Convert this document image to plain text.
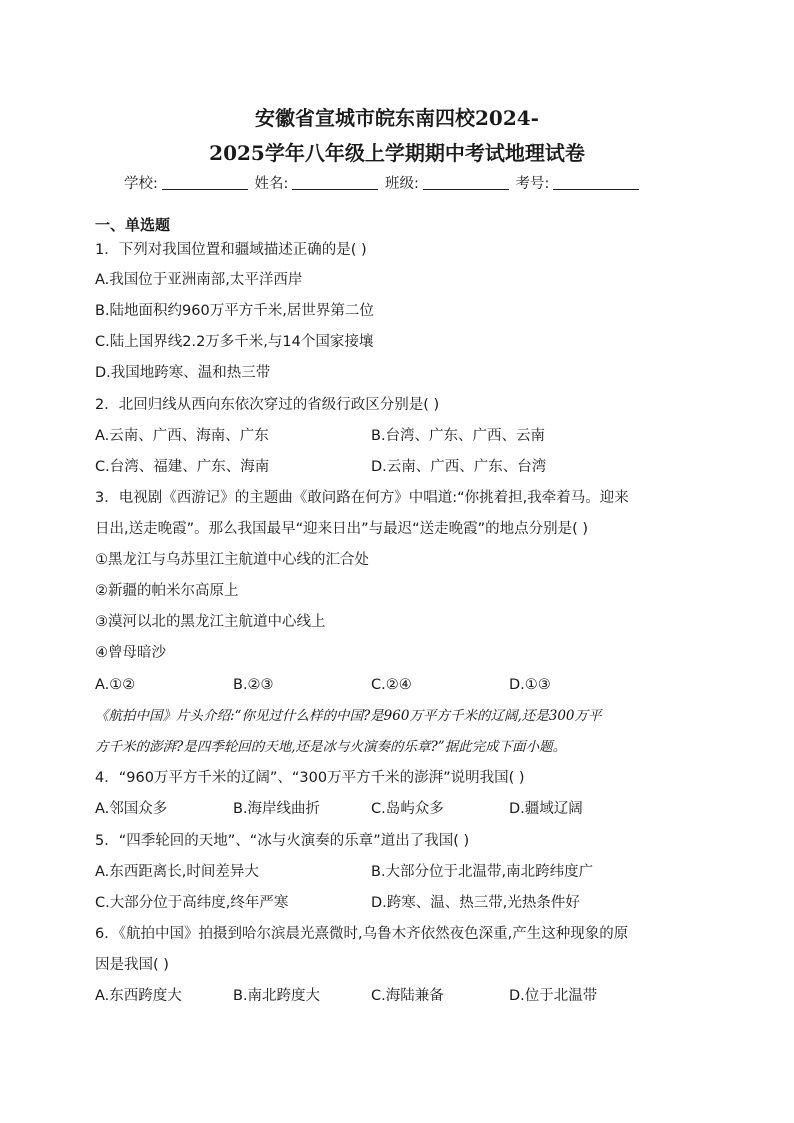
安徽省宣城市皖东南四校2024-
2025学年八年级上学期期中考试地理试卷
学校:	姓名:	班级:	考号:
一、单选题
1．下列对我国位置和疆域描述正确的是( )
A.我国位于亚洲南部,太平洋西岸
B.陆地面积约960万平方千米,居世界第二位
C.陆上国界线2.2万多千米,与14个国家接壤
D.我国地跨寒、温和热三带
2．北回归线从西向东依次穿过的省级行政区分别是( )
A.云南、广西、海南、广东	B.台湾、广东、广西、云南
C.台湾、福建、广东、海南	D.云南、广西、广东、台湾
3．电视剧《西游记》的主题曲《敢问路在何方》中唱道:“你挑着担,我牵着马。迎来
日出,送走晚霞”。那么我国最早“迎来日出”与最迟“送走晚霞”的地点分别是( )
①黑龙江与乌苏里江主航道中心线的汇合处
②新疆的帕米尔高原上
③漠河以北的黑龙江主航道中心线上
④曾母暗沙
A.①②	B.②③	C.②④	D.①③
《航拍中国》片头介绍:“你见过什么样的中国?是960万平方千米的辽阔,还是300万平
方千米的澎湃?是四季轮回的天地,还是冰与火演奏的乐章?”据此完成下面小题。
4．“960万平方千米的辽阔”、“300万平方千米的澎湃”说明我国( )
A.邻国众多	B.海岸线曲折	C.岛屿众多	D.疆域辽阔
5．“四季轮回的天地”、“冰与火演奏的乐章”道出了我国( )
A.东西距离长,时间差异大	B.大部分位于北温带,南北跨纬度广
C.大部分位于高纬度,终年严寒	D.跨寒、温、热三带,光热条件好
6．《航拍中国》拍摄到哈尔滨晨光熹微时,乌鲁木齐依然夜色深重,产生这种现象的原
因是我国( )
A.东西跨度大	B.南北跨度大	C.海陆兼备	D.位于北温带
